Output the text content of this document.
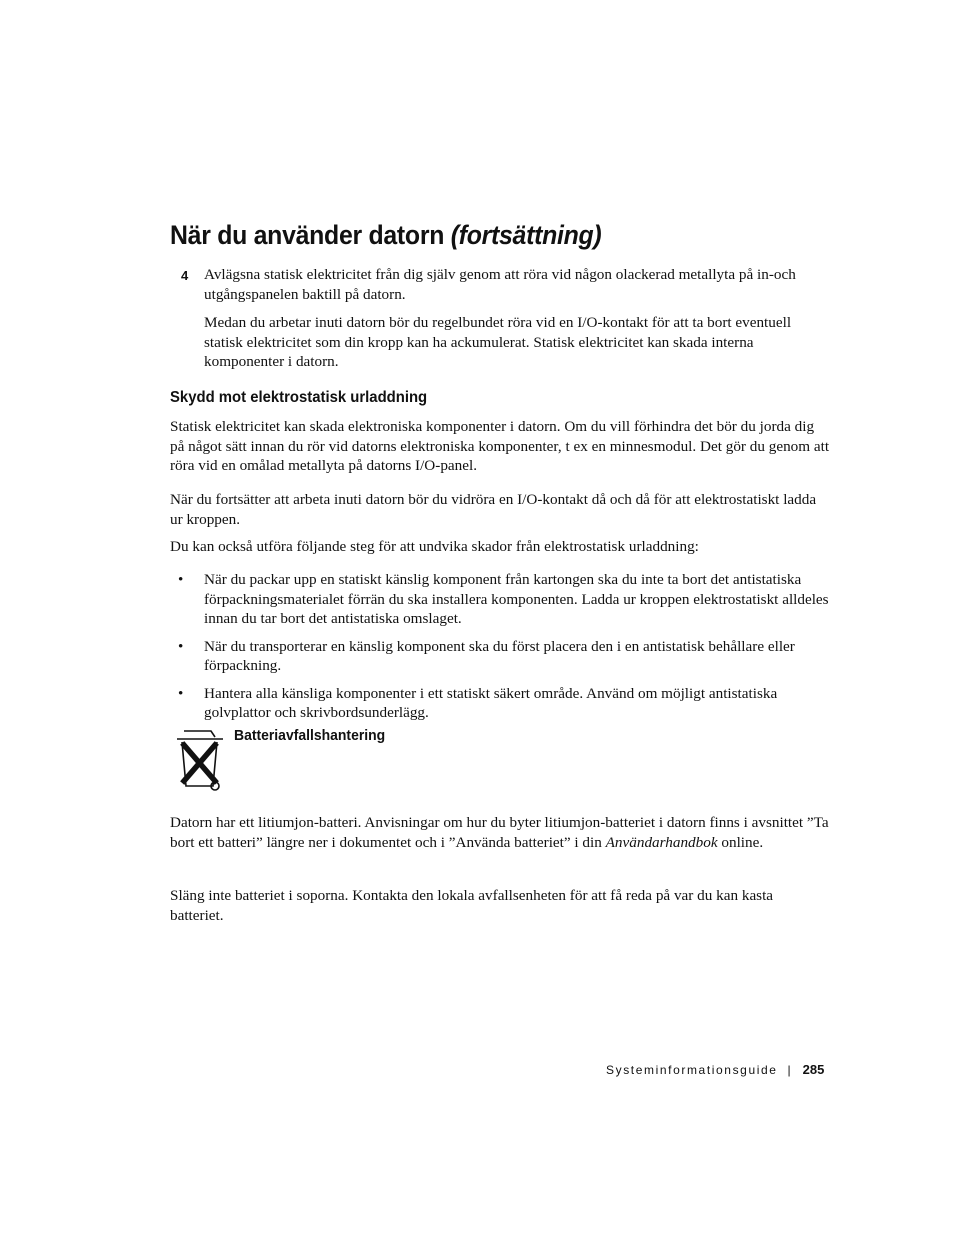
När du använder datorn (fortsättning)
4 Avlägsna statisk elektricitet från dig själv genom att röra vid någon olackerad metallyta på in-och utgångspanelen baktill på datorn.

Medan du arbetar inuti datorn bör du regelbundet röra vid en I/O-kontakt för att ta bort eventuell statisk elektricitet som din kropp kan ha ackumulerat. Statisk elektricitet kan skada interna komponenter i datorn.

Skydd mot elektrostatisk urladdning

Statisk elektricitet kan skada elektroniska komponenter i datorn. Om du vill förhindra det bör du jorda dig på något sätt innan du rör vid datorns elektroniska komponenter, t ex en minnesmodul. Det gör du genom att röra vid en omålad metallyta på datorns I/O-panel.

När du fortsätter att arbeta inuti datorn bör du vidröra en I/O-kontakt då och då för att elektrostatiskt ladda ur kroppen.

Du kan också utföra följande steg för att undvika skador från elektrostatisk urladdning:

• När du packar upp en statiskt känslig komponent från kartongen ska du inte ta bort det antistatiska förpackningsmaterialet förrän du ska installera komponenten. Ladda ur kroppen elektrostatiskt alldeles innan du tar bort det antistatiska omslaget.
• När du transporterar en känslig komponent ska du först placera den i en antistatisk behållare eller förpackning.
• Hantera alla känsliga komponenter i ett statiskt säkert område. Använd om möjligt antistatiska golvplattor och skrivbordsunderlägg.
Batteriavfallshantering

Datorn har ett litiumjon-batteri. Anvisningar om hur du byter litiumjon-batteriet i datorn finns i avsnittet ”Ta bort ett batteri” längre ner i dokumentet och i ”Använda batteriet” i din Användarhandbok online.

Släng inte batteriet i soporna. Kontakta den lokala avfallsenheten för att få reda på var du kan kasta batteriet.

Systeminformationsguide | 285
